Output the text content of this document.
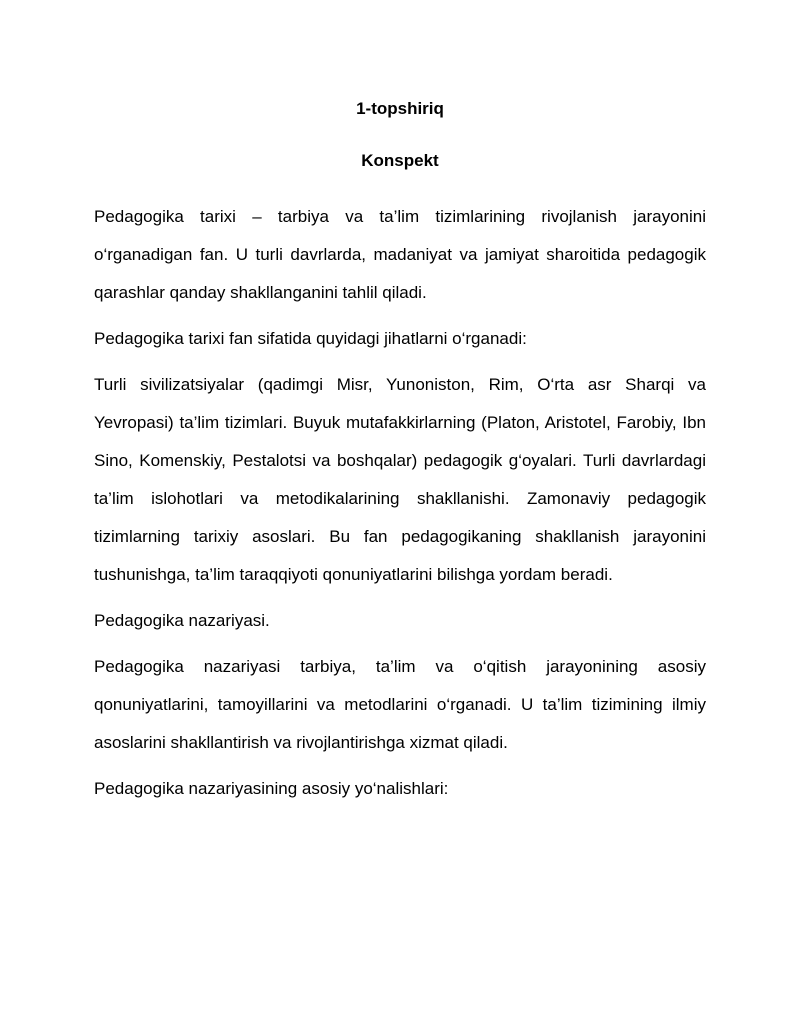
1-topshiriq
Konspekt

Pedagogika tarixi – tarbiya va ta’lim tizimlarining rivojlanish jarayonini o‘rganadigan fan. U turli davrlarda, madaniyat va jamiyat sharoitida pedagogik qarashlar qanday shakllanganini tahlil qiladi.

Pedagogika tarixi fan sifatida quyidagi jihatlarni o‘rganadi:

Turli sivilizatsiyalar (qadimgi Misr, Yunoniston, Rim, O‘rta asr Sharqi va Yevropasi) ta’lim tizimlari. Buyuk mutafakkirlarning (Platon, Aristotel, Farobiy, Ibn Sino, Komenskiy, Pestalotsi va boshqalar) pedagogik g‘oyalari. Turli davrlardagi ta’lim islohotlari va metodikalarining shakllanishi. Zamonaviy pedagogik tizimlarning tarixiy asoslari. Bu fan pedagogikaning shakllanish jarayonini tushunishga, ta’lim taraqqiyoti qonuniyatlarini bilishga yordam beradi.

Pedagogika nazariyasi.

Pedagogika nazariyasi tarbiya, ta’lim va o‘qitish jarayonining asosiy qonuniyatlarini, tamoyillarini va metodlarini o‘rganadi. U ta’lim tizimining ilmiy asoslarini shakllantirish va rivojlantirishga xizmat qiladi.

Pedagogika nazariyasining asosiy yo‘nalishlari:
